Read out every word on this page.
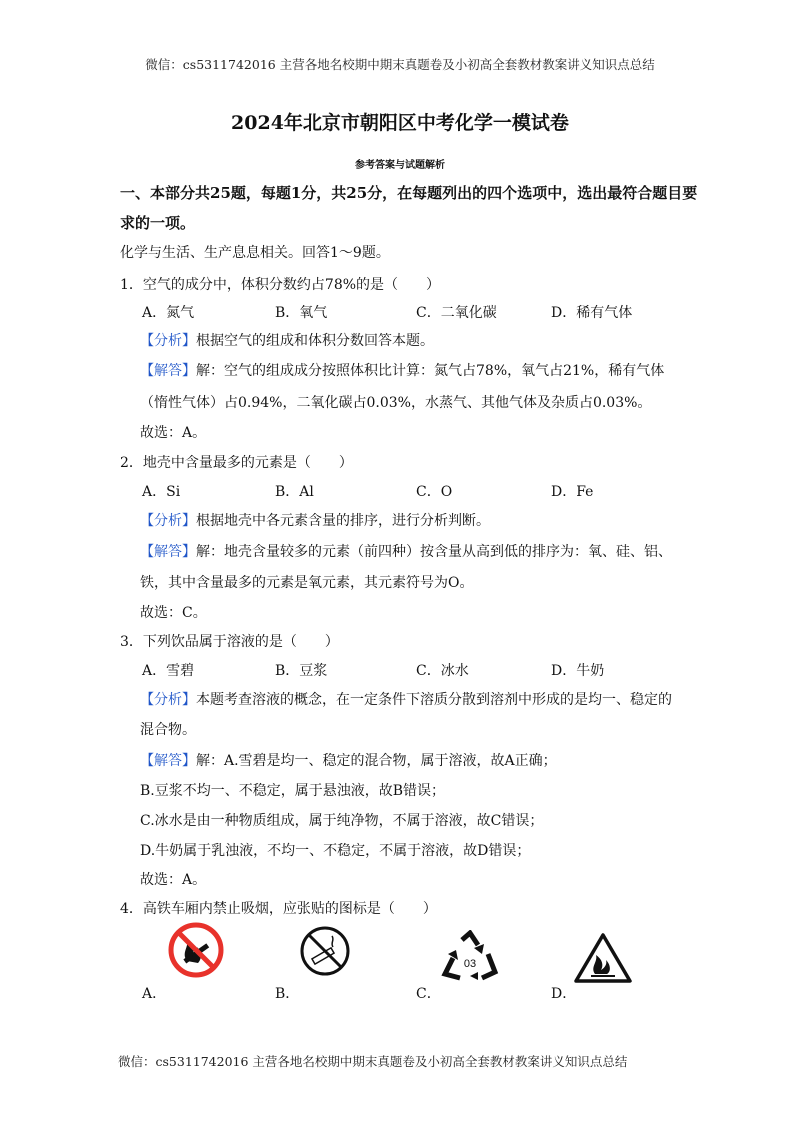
微信：cs5311742016 主营各地名校期中期末真题卷及小初高全套教材教案讲义知识点总结
2024年北京市朝阳区中考化学一模试卷
参考答案与试题解析
一、本部分共25题，每题1分，共25分，在每题列出的四个选项中，选出最符合题目要求的一项。
化学与生活、生产息息相关。回答1～9题。
1．空气的成分中，体积分数约占78%的是（　　）
A．氮气	B．氧气	C．二氧化碳	D．稀有气体
【分析】根据空气的组成和体积分数回答本题。
【解答】解：空气的组成成分按照体积比计算：氮气占78%，氧气占21%，稀有气体
（惰性气体）占0.94%，二氧化碳占0.03%，水蒸气、其他气体及杂质占0.03%。
故选：A。
2．地壳中含量最多的元素是（　　）
A．Si	B．Al	C．O	D．Fe
【分析】根据地壳中各元素含量的排序，进行分析判断。
【解答】解：地壳含量较多的元素（前四种）按含量从高到低的排序为：氧、硅、铝、
铁，其中含量最多的元素是氧元素，其元素符号为O。
故选：C。
3．下列饮品属于溶液的是（　　）
A．雪碧	B．豆浆	C．冰水	D．牛奶
【分析】本题考查溶液的概念，在一定条件下溶质分散到溶剂中形成的是均一、稳定的
混合物。
【解答】解：A.雪碧是均一、稳定的混合物，属于溶液，故A正确；
B.豆浆不均一、不稳定，属于悬浊液，故B错误；
C.冰水是由一种物质组成，属于纯净物，不属于溶液，故C错误；
D.牛奶属于乳浊液，不均一、不稳定，不属于溶液，故D错误；
故选：A。
4．高铁车厢内禁止吸烟，应张贴的图标是（　　）
03
A．	B．	C．	D．
微信：cs5311742016 主营各地名校期中期末真题卷及小初高全套教材教案讲义知识点总结
